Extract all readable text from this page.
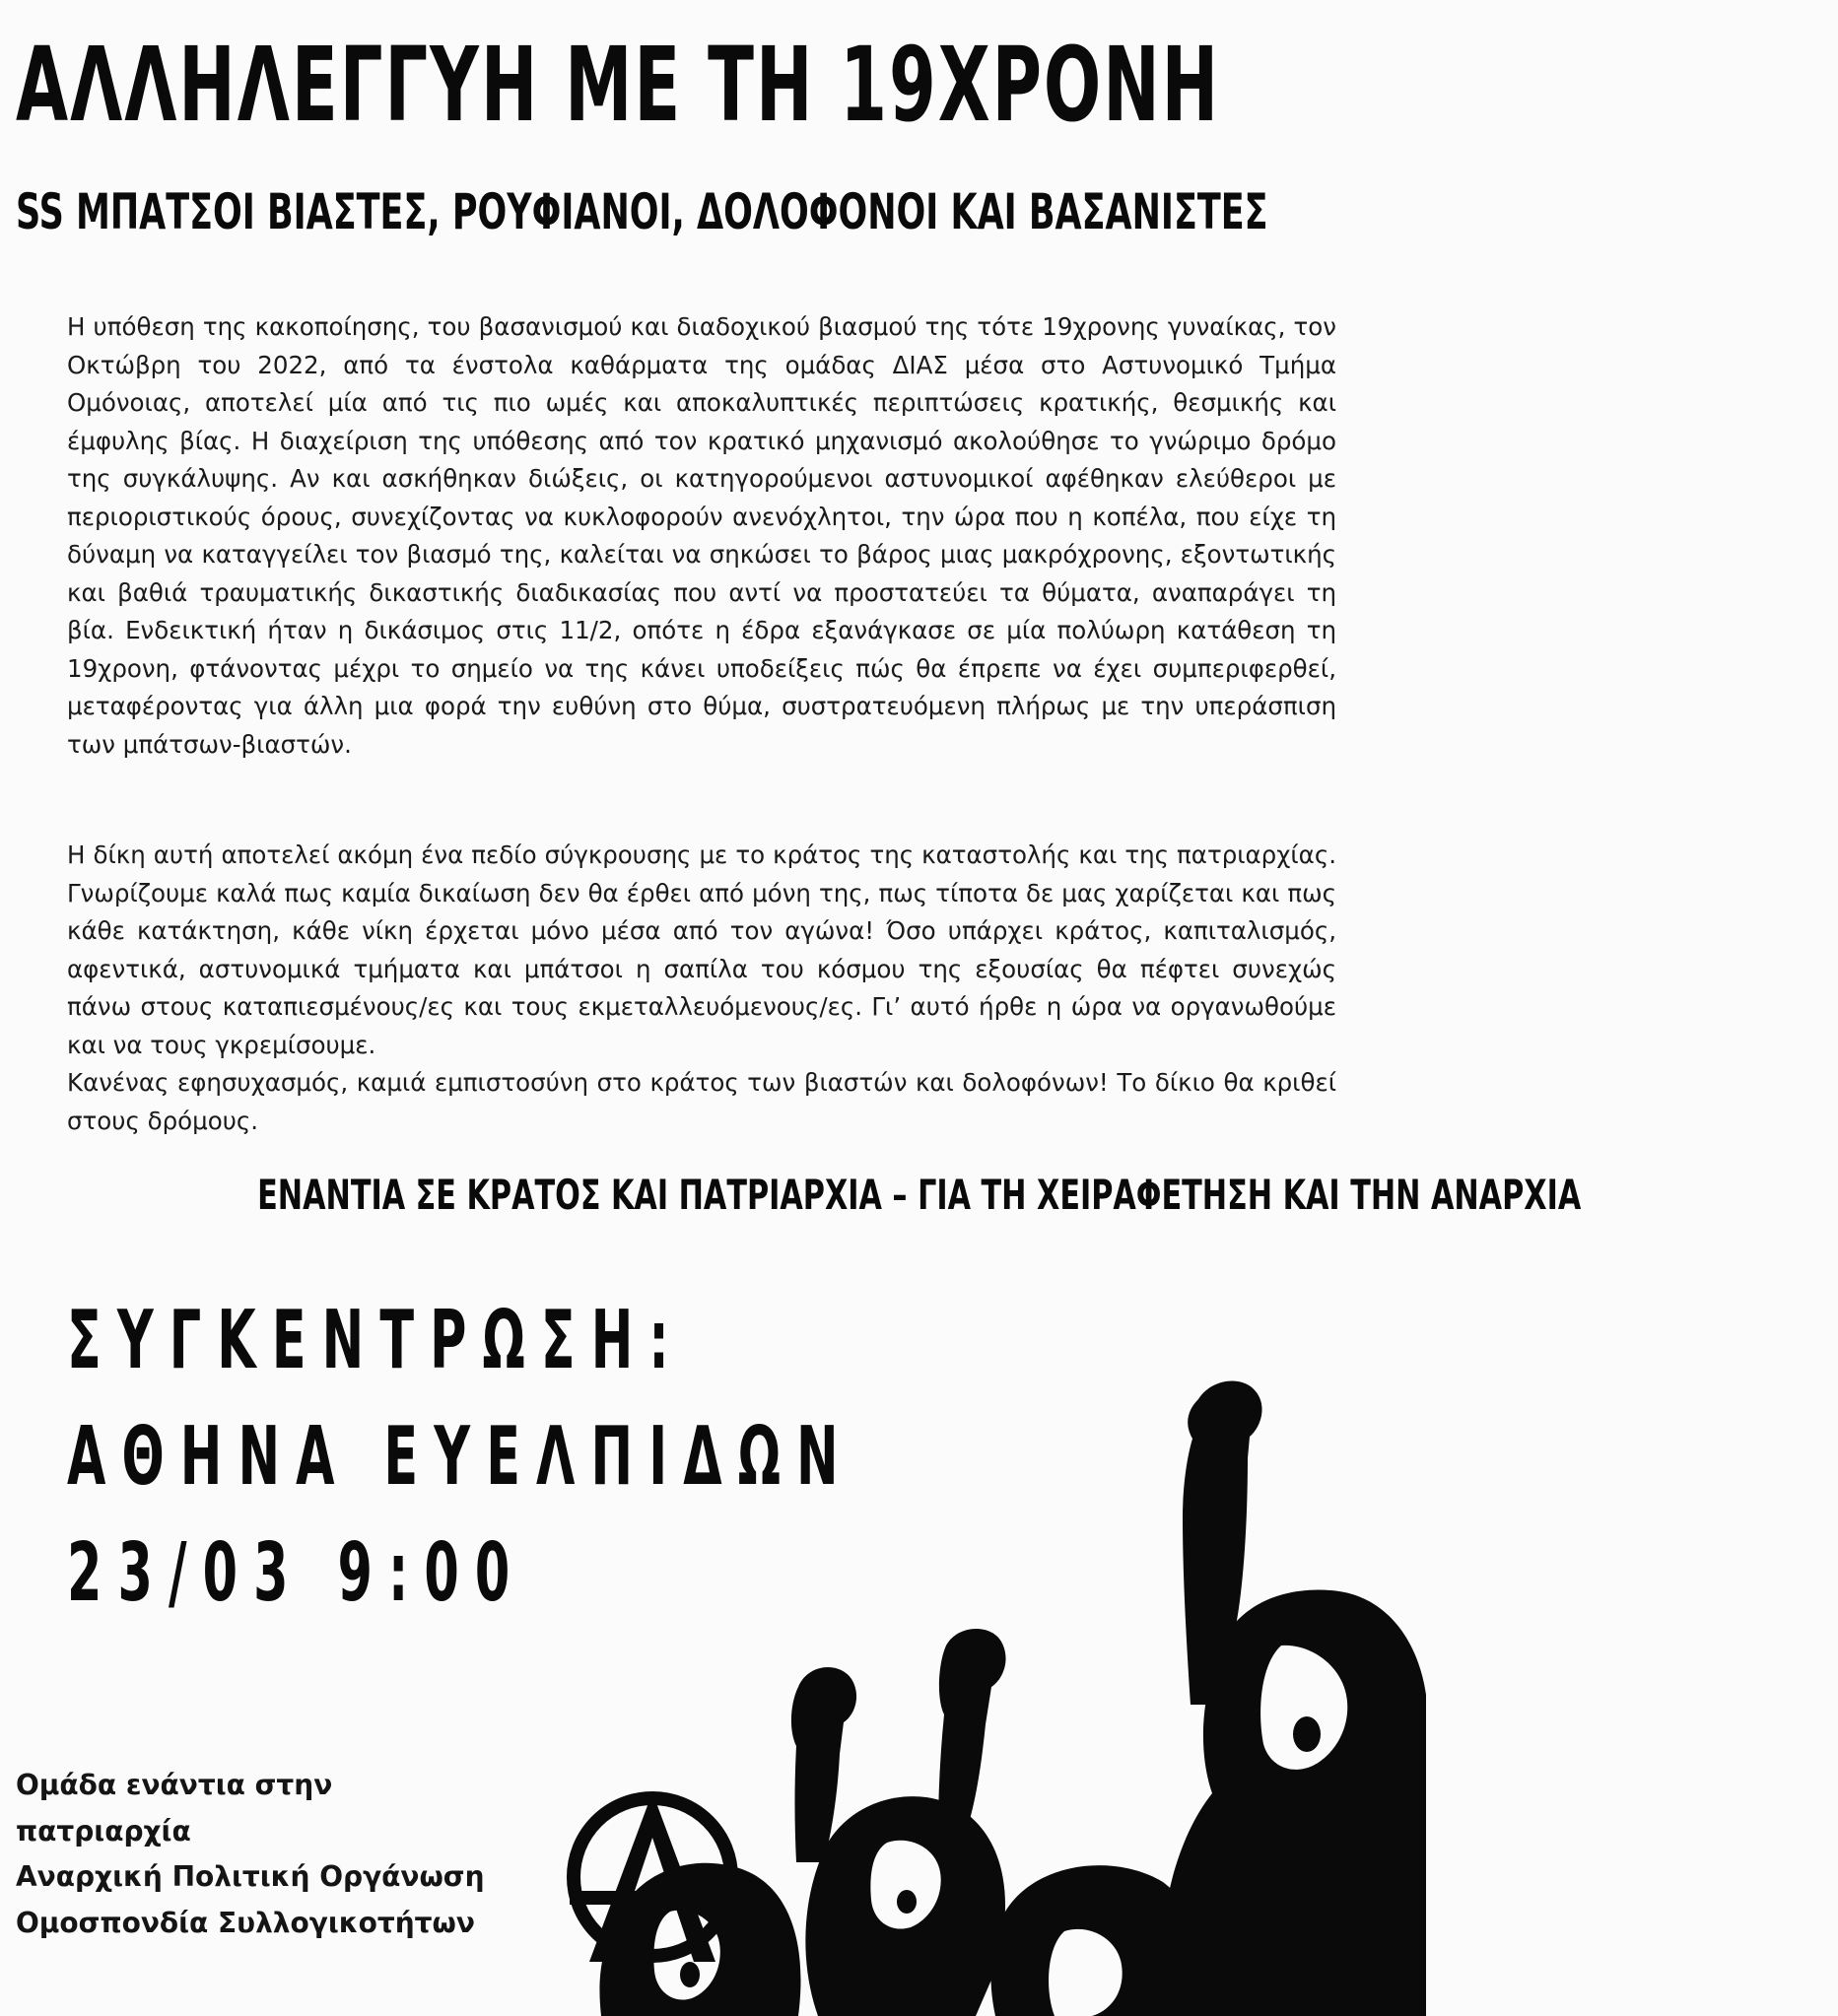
ΑΛΛΗΛΕΓΓΥΗ ΜΕ ΤΗ 19ΧΡΟΝΗ
SS ΜΠΑΤΣΟΙ ΒΙΑΣΤΕΣ, ΡΟΥΦΙΑΝΟΙ, ΔΟΛΟΦΟΝΟΙ ΚΑΙ ΒΑΣΑΝΙΣΤΕΣ

Η υπόθεση της κακοποίησης, του βασανισμού και διαδοχικού βιασμού της τότε 19χρονης γυναίκας, τον Οκτώβρη του 2022, από τα ένστολα καθάρματα της ομάδας ΔΙΑΣ μέσα στο Αστυνομικό Τμήμα Ομόνοιας, αποτελεί μία από τις πιο ωμές και αποκαλυπτικές περιπτώσεις κρατικής, θεσμικής και έμφυλης βίας. Η διαχείριση της υπόθεσης από τον κρατικό μηχανισμό ακολούθησε το γνώριμο δρόμο της συγκάλυψης. Αν και ασκήθηκαν διώξεις, οι κατηγορούμενοι αστυνομικοί αφέθηκαν ελεύθεροι με περιοριστικούς όρους, συνεχίζοντας να κυκλοφορούν ανενόχλητοι, την ώρα που η κοπέλα, που είχε τη δύναμη να καταγγείλει τον βιασμό της, καλείται να σηκώσει το βάρος μιας μακρόχρονης, εξοντωτικής και βαθιά τραυματικής δικαστικής διαδικασίας που αντί να προστατεύει τα θύματα, αναπαράγει τη βία. Ενδεικτική ήταν η δικάσιμος στις 11/2, οπότε η έδρα εξανάγκασε σε μία πολύωρη κατάθεση τη 19χρονη, φτάνοντας μέχρι το σημείο να της κάνει υποδείξεις πώς θα έπρεπε να έχει συμπεριφερθεί, μεταφέροντας για άλλη μια φορά την ευθύνη στο θύμα, συστρατευόμενη πλήρως με την υπεράσπιση των μπάτσων-βιαστών.

Η δίκη αυτή αποτελεί ακόμη ένα πεδίο σύγκρουσης με το κράτος της καταστολής και της πατριαρχίας. Γνωρίζουμε καλά πως καμία δικαίωση δεν θα έρθει από μόνη της, πως τίποτα δε μας χαρίζεται και πως κάθε κατάκτηση, κάθε νίκη έρχεται μόνο μέσα από τον αγώνα! Όσο υπάρχει κράτος, καπιταλισμός, αφεντικά, αστυνομικά τμήματα και μπάτσοι η σαπίλα του κόσμου της εξουσίας θα πέφτει συνεχώς πάνω στους καταπιεσμένους/ες και τους εκμεταλλευόμενους/ες. Γι’ αυτό ήρθε η ώρα να οργανωθούμε και να τους γκρεμίσουμε.
Κανένας εφησυχασμός, καμιά εμπιστοσύνη στο κράτος των βιαστών και δολοφόνων! Το δίκιο θα κριθεί στους δρόμους.

ΕΝΑΝΤΙΑ ΣΕ ΚΡΑΤΟΣ ΚΑΙ ΠΑΤΡΙΑΡΧΙΑ – ΓΙΑ ΤΗ ΧΕΙΡΑΦΕΤΗΣΗ ΚΑΙ ΤΗΝ ΑΝΑΡΧΙΑ

ΣΥΓΚΕΝΤΡΩΣΗ:

ΑΘΗΝΑ ΕΥΕΛΠΙΔΩΝ

23/03 9:00

Ομάδα ενάντια στην

πατριαρχία

Αναρχική Πολιτική Οργάνωση

Ομοσπονδία Συλλογικοτήτων
